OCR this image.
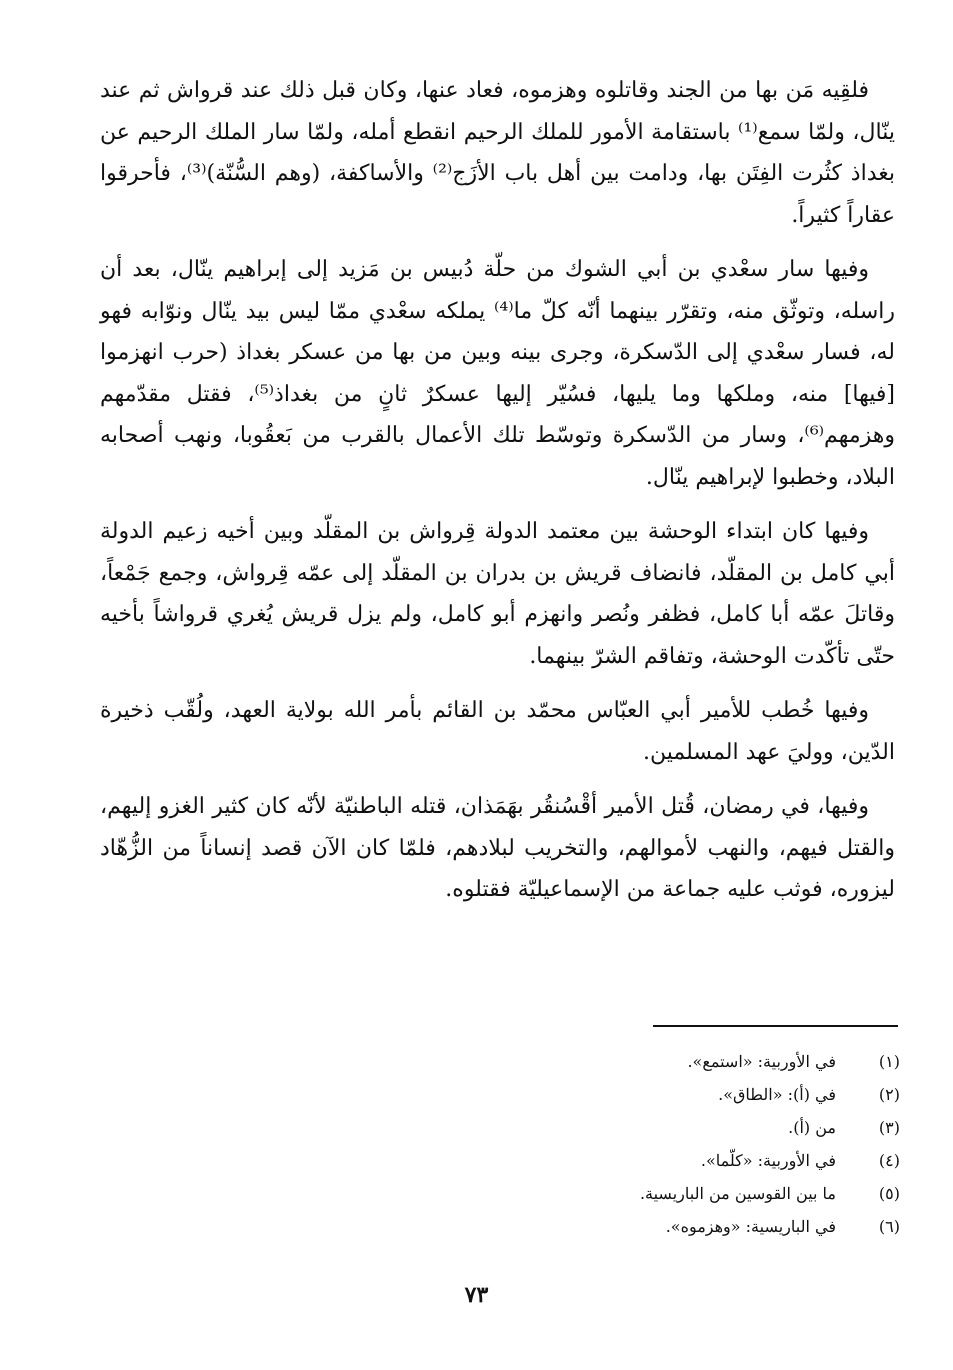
فلقِيه مَن بها من الجند وقاتلوه وهزموه، فعاد عنها، وكان قبل ذلك عند قرواش ثم عند ينّال، ولمّا سمع⁽¹⁾ باستقامة الأمور للملك الرحيم انقطع أمله، ولمّا سار الملك الرحيم عن بغداذ كثُرت الفِتَن بها، ودامت بين أهل باب الأزَج⁽²⁾ والأساكفة، (وهم السُّنّة)⁽³⁾، فأحرقوا عقاراً كثيراً.

وفيها سار سعْدي بن أبي الشوك من حلّة دُبيس بن مَزيد إلى إبراهيم ينّال، بعد أن راسله، وتوثّق منه، وتقرّر بينهما أنّه كلّ ما⁽⁴⁾ يملكه سعْدي ممّا ليس بيد ينّال ونوّابه فهو له، فسار سعْدي إلى الدّسكرة، وجرى بينه وبين من بها من عسكر بغداذ (حرب انهزموا [فيها] منه، وملكها وما يليها، فسُيّر إليها عسكرٌ ثانٍ من بغداذ⁽⁵⁾، فقتل مقدّمهم وهزمهم⁽⁶⁾، وسار من الدّسكرة وتوسّط تلك الأعمال بالقرب من بَعقُوبا، ونهب أصحابه البلاد، وخطبوا لإبراهيم ينّال.

وفيها كان ابتداء الوحشة بين معتمد الدولة قِرواش بن المقلّد وبين أخيه زعيم الدولة أبي كامل بن المقلّد، فانضاف قريش بن بدران بن المقلّد إلى عمّه قِرواش، وجمع جَمْعاً، وقاتلَ عمّه أبا كامل، فظفر ونُصر وانهزم أبو كامل، ولم يزل قريش يُغري قرواشاً بأخيه حتّى تأكّدت الوحشة، وتفاقم الشرّ بينهما.

وفيها خُطب للأمير أبي العبّاس محمّد بن القائم بأمر الله بولاية العهد، ولُقّب ذخيرة الدّين، ووليَ عهد المسلمين.

وفيها، في رمضان، قُتل الأمير أقْسُنقُر بهَمَذان، قتله الباطنيّة لأنّه كان كثير الغزو إليهم، والقتل فيهم، والنهب لأموالهم، والتخريب لبلادهم، فلمّا كان الآن قصد إنساناً من الزُّهّاد ليزوره، فوثب عليه جماعة من الإسماعيليّة فقتلوه.

(١)
في الأوربية: «استمع».
(٢)
في (أ): «الطاق».
(٣)
من (أ).
(٤)
في الأوربية: «كلّما».
(٥)
ما بين القوسين من الباريسية.
(٦)
في الباريسية: «وهزموه».
٧٣
